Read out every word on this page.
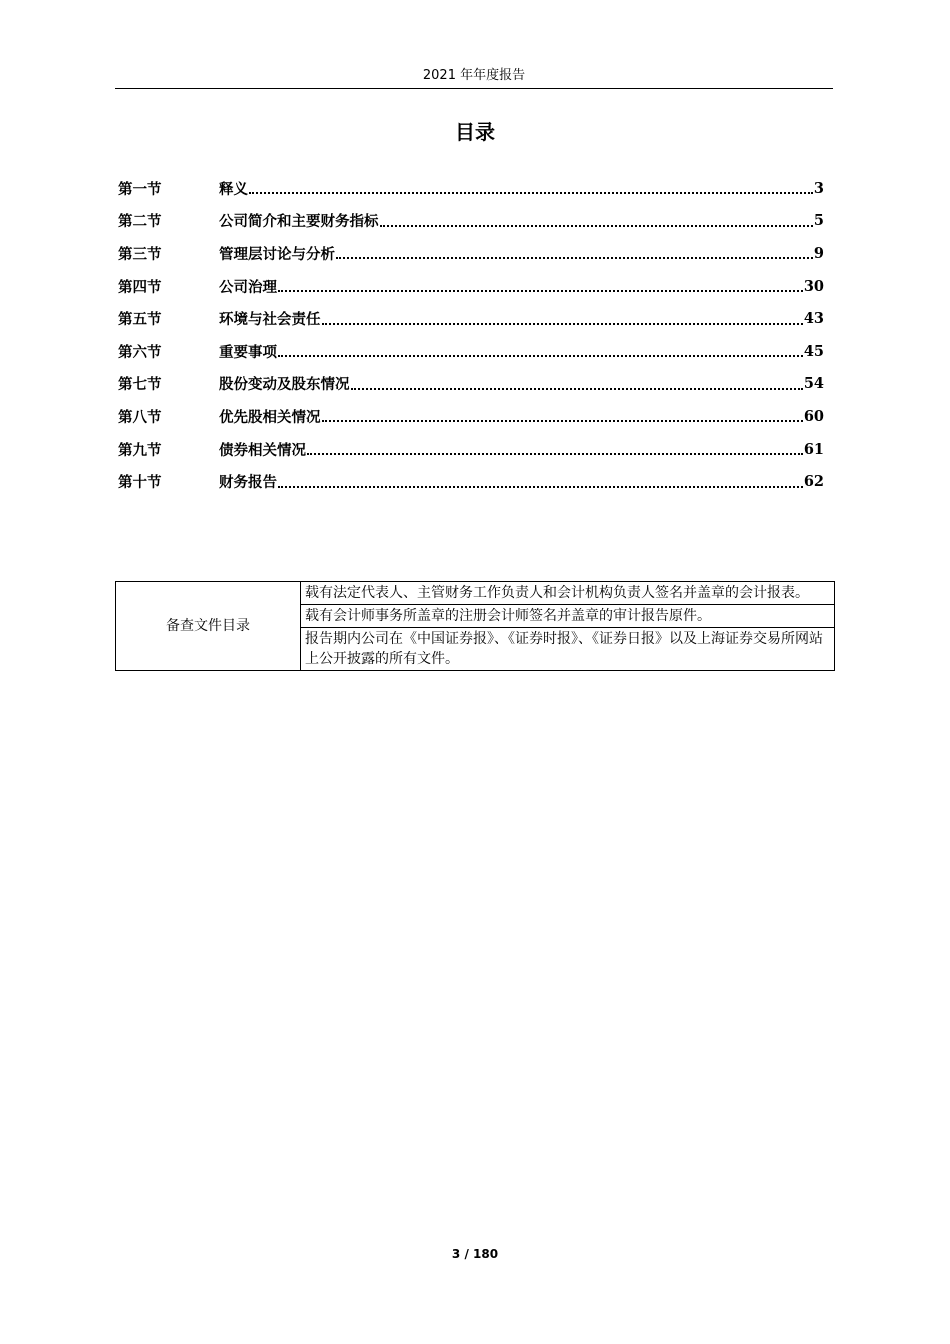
2021 年年度报告
目录
第一节	释义	3
第二节	公司简介和主要财务指标	5
第三节	管理层讨论与分析	9
第四节	公司治理	30
第五节	环境与社会责任	43
第六节	重要事项	45
第七节	股份变动及股东情况	54
第八节	优先股相关情况	60
第九节	债券相关情况	61
第十节	财务报告	62
备查文件目录	载有法定代表人、主管财务工作负责人和会计机构负责人签名并盖章的会计报表。
载有会计师事务所盖章的注册会计师签名并盖章的审计报告原件。
报告期内公司在《中国证券报》、《证券时报》、《证券日报》以及上海证券交易所网站上公开披露的所有文件。
3 / 180
